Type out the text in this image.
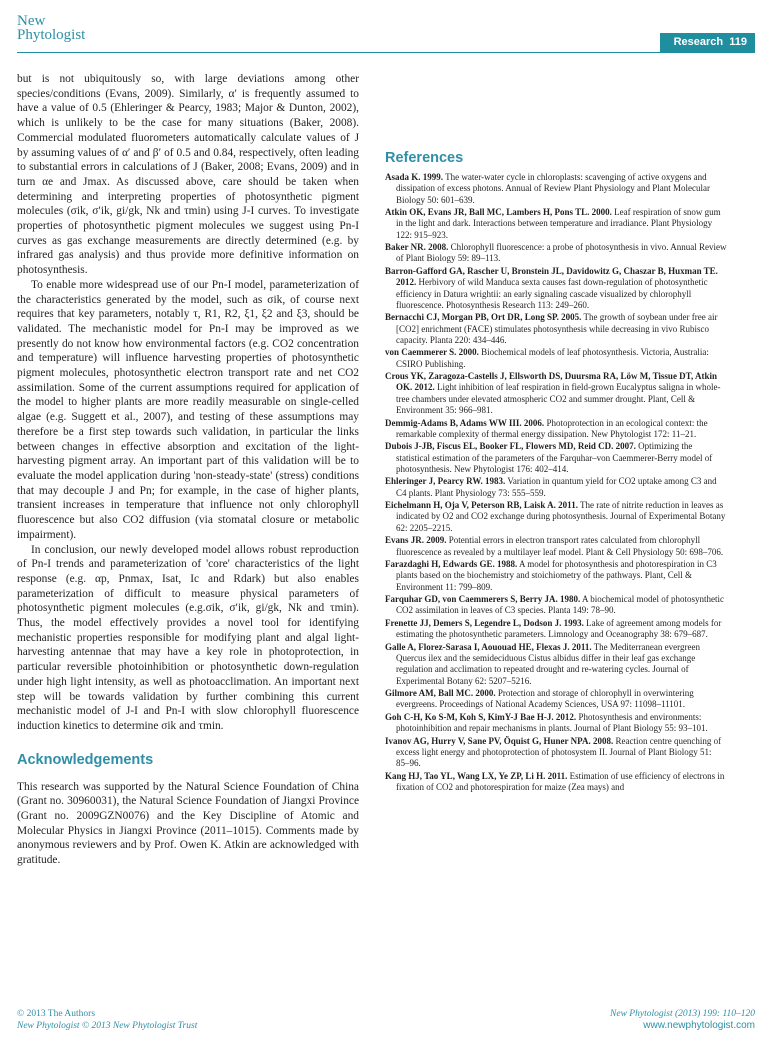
New
Phytologist	Research 119

but is not ubiquitously so, with large deviations among other species/conditions (Evans, 2009). Similarly, α′ is frequently assumed to have a value of 0.5 (Ehleringer & Pearcy, 1983; Major & Dunton, 2002), which is unlikely to be the case for many situations (Baker, 2008). Commercial modulated fluorometers automatically calculate values of J by assuming values of α′ and β′ of 0.5 and 0.84, respectively, often leading to substantial errors in calculations of J (Baker, 2008; Evans, 2009) and in turn αe and Jmax. As discussed above, care should be taken when determining and interpreting properties of photosynthetic pigment molecules (σik, σ′ik, gi/gk, Nk and τmin) using J-I curves. To investigate properties of photosynthetic pigment molecules we suggest using Pn-I curves as gas exchange measurements are directly determined (e.g. by infrared gas analysis) and thus provide more definitive information on photosynthesis.

To enable more widespread use of our Pn-I model, parameterization of the characteristics generated by the model, such as σik, of course next requires that key parameters, notably τ, R1, R2, ξ1, ξ2 and ξ3, should be validated. The mechanistic model for Pn-I may be improved as we presently do not know how environmental factors (e.g. CO2 concentration and temperature) will influence harvesting properties of photosynthetic pigment molecules, photosynthetic electron transport rate and net CO2 assimilation. Some of the current assumptions required for application of the model to higher plants are more readily measurable on single-celled algae (e.g. Suggett et al., 2007), and testing of these assumptions may therefore be a first step towards such validation, in particular the links between changes in effective absorption and excitation of the light-harvesting pigment array. An important part of this validation will be to evaluate the model application during 'non-steady-state' (stress) conditions that may decouple J and Pn; for example, in the case of higher plants, transient increases in temperature that influence not only chlorophyll fluorescence but also CO2 diffusion (via stomatal closure or metabolic impairment).

In conclusion, our newly developed model allows robust reproduction of Pn-I trends and parameterization of 'core' characteristics of the light response (e.g. αp, Pnmax, Isat, Ic and Rdark) but also enables parameterization of difficult to measure physical parameters of photosynthetic pigment molecules (e.g.σik, σ′ik, gi/gk, Nk and τmin). Thus, the model effectively provides a novel tool for identifying mechanistic properties responsible for modifying plant and algal light-harvesting antennae that may have a key role in photoprotection, in particular reversible photoinhibition or photosynthetic down-regulation under high light intensity, as well as photoacclimation. An important next step will be towards validation by further combining this current mechanistic model of J-I and Pn-I with slow chlorophyll fluorescence induction kinetics to determine σik and τmin.

Acknowledgements

This research was supported by the Natural Science Foundation of China (Grant no. 30960031), the Natural Science Foundation of Jiangxi Province (Grant no. 2009GZN0076) and the Key Discipline of Atomic and Molecular Physics in Jiangxi Province (2011–1015). Comments made by anonymous reviewers and by Prof. Owen K. Atkin are acknowledged with gratitude.

References
Asada K. 1999. The water-water cycle in chloroplasts: scavenging of active oxygens and dissipation of excess photons. Annual of Review Plant Physiology and Plant Molecular Biology 50: 601–639.
Atkin OK, Evans JR, Ball MC, Lambers H, Pons TL. 2000. Leaf respiration of snow gum in the light and dark. Interactions between temperature and irradiance. Plant Physiology 122: 915–923.
Baker NR. 2008. Chlorophyll fluorescence: a probe of photosynthesis in vivo. Annual Review of Plant Biology 59: 89–113.
Barron-Gafford GA, Rascher U, Bronstein JL, Davidowitz G, Chaszar B, Huxman TE. 2012. Herbivory of wild Manduca sexta causes fast down-regulation of photosynthetic efficiency in Datura wrightii: an early signaling cascade visualized by chlorophyll fluorescence. Photosynthesis Research 113: 249–260.
Bernacchi CJ, Morgan PB, Ort DR, Long SP. 2005. The growth of soybean under free air [CO2] enrichment (FACE) stimulates photosynthesis while decreasing in vivo Rubisco capacity. Planta 220: 434–446.
von Caemmerer S. 2000. Biochemical models of leaf photosynthesis. Victoria, Australia: CSIRO Publishing.
Crous YK, Zaragoza-Castells J, Ellsworth DS, Duursma RA, Löw M, Tissue DT, Atkin OK. 2012. Light inhibition of leaf respiration in field-grown Eucalyptus saligna in whole-tree chambers under elevated atmospheric CO2 and summer drought. Plant, Cell & Environment 35: 966–981.
Demmig-Adams B, Adams WW III. 2006. Photoprotection in an ecological context: the remarkable complexity of thermal energy dissipation. New Phytologist 172: 11–21.
Dubois J-JB, Fiscus EL, Booker FL, Flowers MD, Reid CD. 2007. Optimizing the statistical estimation of the parameters of the Farquhar–von Caemmerer-Berry model of photosynthesis. New Phytologist 176: 402–414.
Ehleringer J, Pearcy RW. 1983. Variation in quantum yield for CO2 uptake among C3 and C4 plants. Plant Physiology 73: 555–559.
Eichelmann H, Oja V, Peterson RB, Laisk A. 2011. The rate of nitrite reduction in leaves as indicated by O2 and CO2 exchange during photosynthesis. Journal of Experimental Botany 62: 2205–2215.
Evans JR. 2009. Potential errors in electron transport rates calculated from chlorophyll fluorescence as revealed by a multilayer leaf model. Plant & Cell Physiology 50: 698–706.
Farazdaghi H, Edwards GE. 1988. A model for photosynthesis and photorespiration in C3 plants based on the biochemistry and stoichiometry of the pathways. Plant, Cell & Environment 11: 799–809.
Farquhar GD, von Caemmerers S, Berry JA. 1980. A biochemical model of photosynthetic CO2 assimilation in leaves of C3 species. Planta 149: 78–90.
Frenette JJ, Demers S, Legendre L, Dodson J. 1993. Lake of agreement among models for estimating the photosynthetic parameters. Limnology and Oceanography 38: 679–687.
Galle A, Florez-Sarasa I, Aououad HE, Flexas J. 2011. The Mediterranean evergreen Quercus ilex and the semideciduous Cistus albidus differ in their leaf gas exchange regulation and acclimation to repeated drought and re-watering cycles. Journal of Experimental Botany 62: 5207–5216.
Gilmore AM, Ball MC. 2000. Protection and storage of chlorophyll in overwintering evergreens. Proceedings of National Academy Sciences, USA 97: 11098–11101.
Goh C-H, Ko S-M, Koh S, KimY-J Bae H-J. 2012. Photosynthesis and environments: photoinhibition and repair mechanisms in plants. Journal of Plant Biology 55: 93–101.
Ivanov AG, Hurry V, Sane PV, Öquist G, Huner NPA. 2008. Reaction centre quenching of excess light energy and photoprotection of photosystem II. Journal of Plant Biology 51: 85–96.
Kang HJ, Tao YL, Wang LX, Ye ZP, Li H. 2011. Estimation of use efficiency of electrons in fixation of CO2 and photorespiration for maize (Zea mays) and
© 2013 The Authors
New Phytologist © 2013 New Phytologist Trust
New Phytologist (2013) 199: 110–120
www.newphytologist.com
